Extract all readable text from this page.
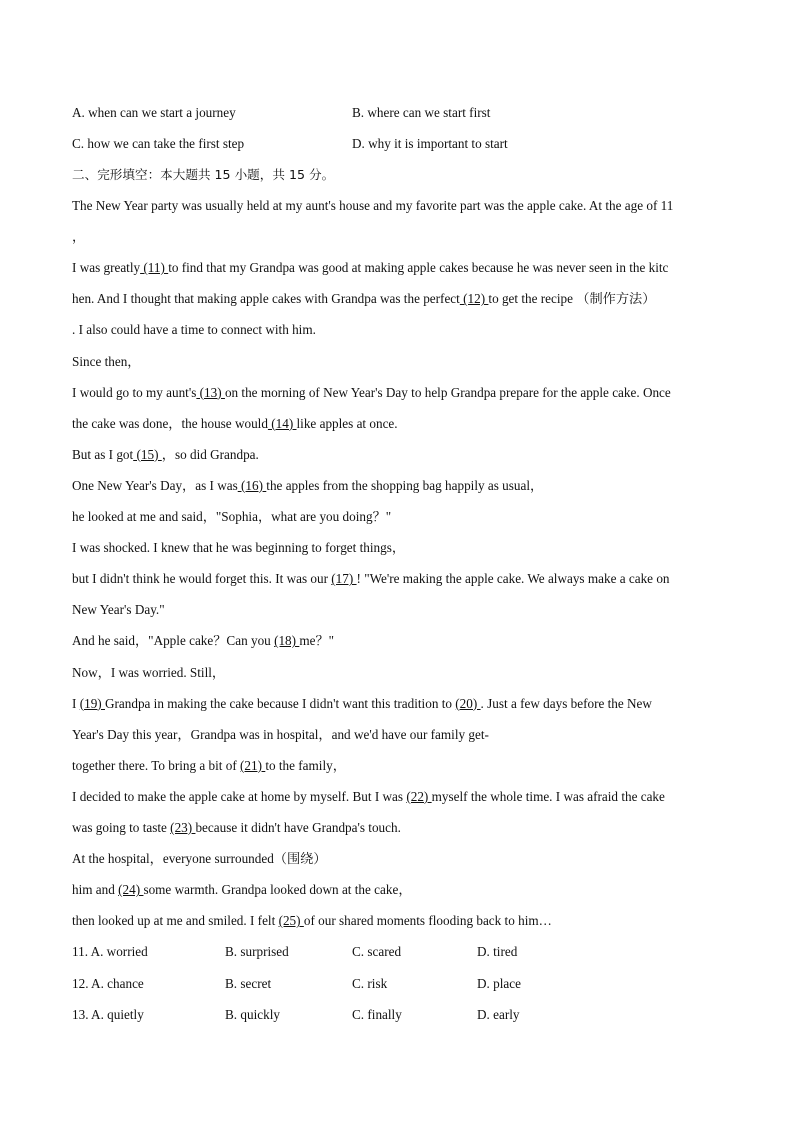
A. when can we start a journey	B. where can we start first
C. how we can take the first step	D. why it is important to start
二、完形填空：本大题共 15 小题，共 15 分。
The New Year party was usually held at my aunt's house and my favorite part was the apple cake. At the age of 11
，
I was greatly (11) to find that my Grandpa was good at making apple cakes because he was never seen in the kitc
hen. And I thought that making apple cakes with Grandpa was the perfect (12) to get the recipe （制作方法）
. I also could have a time to connect with him.
Since then，
I would go to my aunt's (13) on the morning of New Year's Day to help Grandpa prepare for the apple cake. Once
the cake was done，the house would (14) like apples at once.
But as I got (15) ，so did Grandpa.
One New Year's Day，as I was (16) the apples from the shopping bag happily as usual，
he looked at me and said，"Sophia，what are you doing？"
I was shocked. I knew that he was beginning to forget things，
but I didn't think he would forget this. It was our (17) ! "We're making the apple cake. We always make a cake on
New Year's Day."
And he said，"Apple cake？Can you (18) me？"
Now，I was worried. Still，
I (19) Grandpa in making the cake because I didn't want this tradition to (20) . Just a few days before the New
Year's Day this year，Grandpa was in hospital，and we'd have our family get-
together there. To bring a bit of (21) to the family，
I decided to make the apple cake at home by myself. But I was (22) myself the whole time. I was afraid the cake
was going to taste (23) because it didn't have Grandpa's touch.
At the hospital，everyone surrounded（围绕）
him and (24) some warmth. Grandpa looked down at the cake，
then looked up at me and smiled. I felt (25) of our shared moments flooding back to him…
11. A. worried	B. surprised	C. scared	D. tired
12. A. chance	B. secret	C. risk	D. place
13. A. quietly	B. quickly	C. finally	D. early
